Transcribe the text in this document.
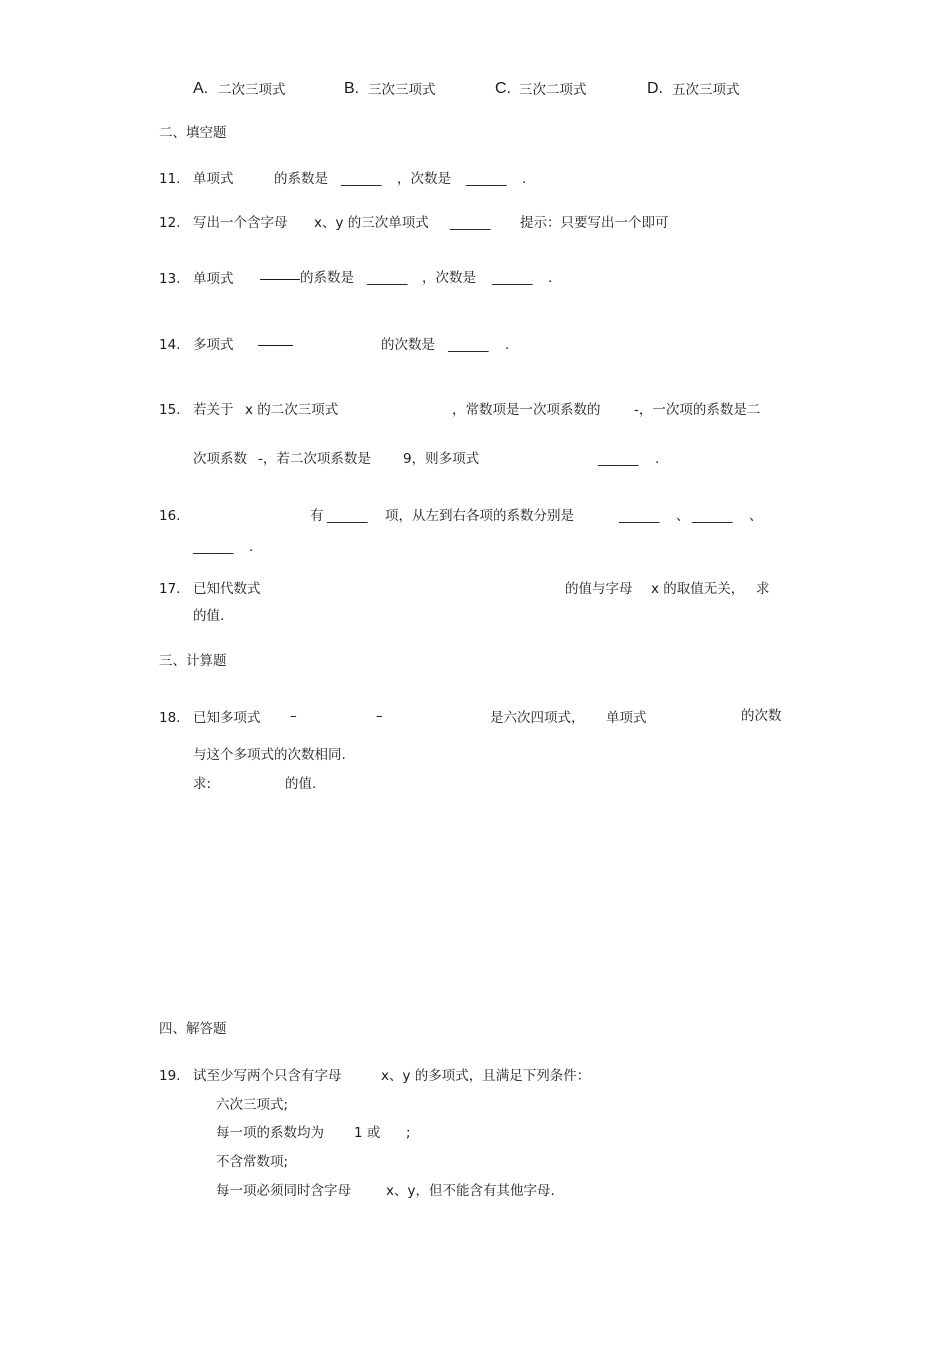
A. 二次三项式	B. 三次三项式	C. 三次二项式	D. 五次三项式
二、填空题
11. 单项式	的系数是 ______ ，次数是 ______ .
12. 写出一个含字母 x、y 的三次单项式 ______ 提示：只要写出一个即可
13. 单项式	的系数是 ______ ，次数是 ______ .
14. 多项式	的次数是 ______ .
15. 若关于 x 的二次三项式	，常数项是一次项系数的 -，一次项的系数是二
次项系数 -，若二次项系数是 9，则多项式	______ .
16.	有 ______ 项，从左到右各项的系数分别是	______ 、 ______ 、
______ .
17. 已知代数式	的值与字母 x 的取值无关， 求
的值.
三、计算题
18. 已知多项式 –	–	是六次四项式， 单项式	的次数
与这个多项式的次数相同.
求:	的值.
四、解答题
19. 试至少写两个只含有字母	x、y 的多项式，且满足下列条件：
六次三项式;
每一项的系数均为 1 或 ;
不含常数项;
每一项必须同时含字母	x、y，但不能含有其他字母.
